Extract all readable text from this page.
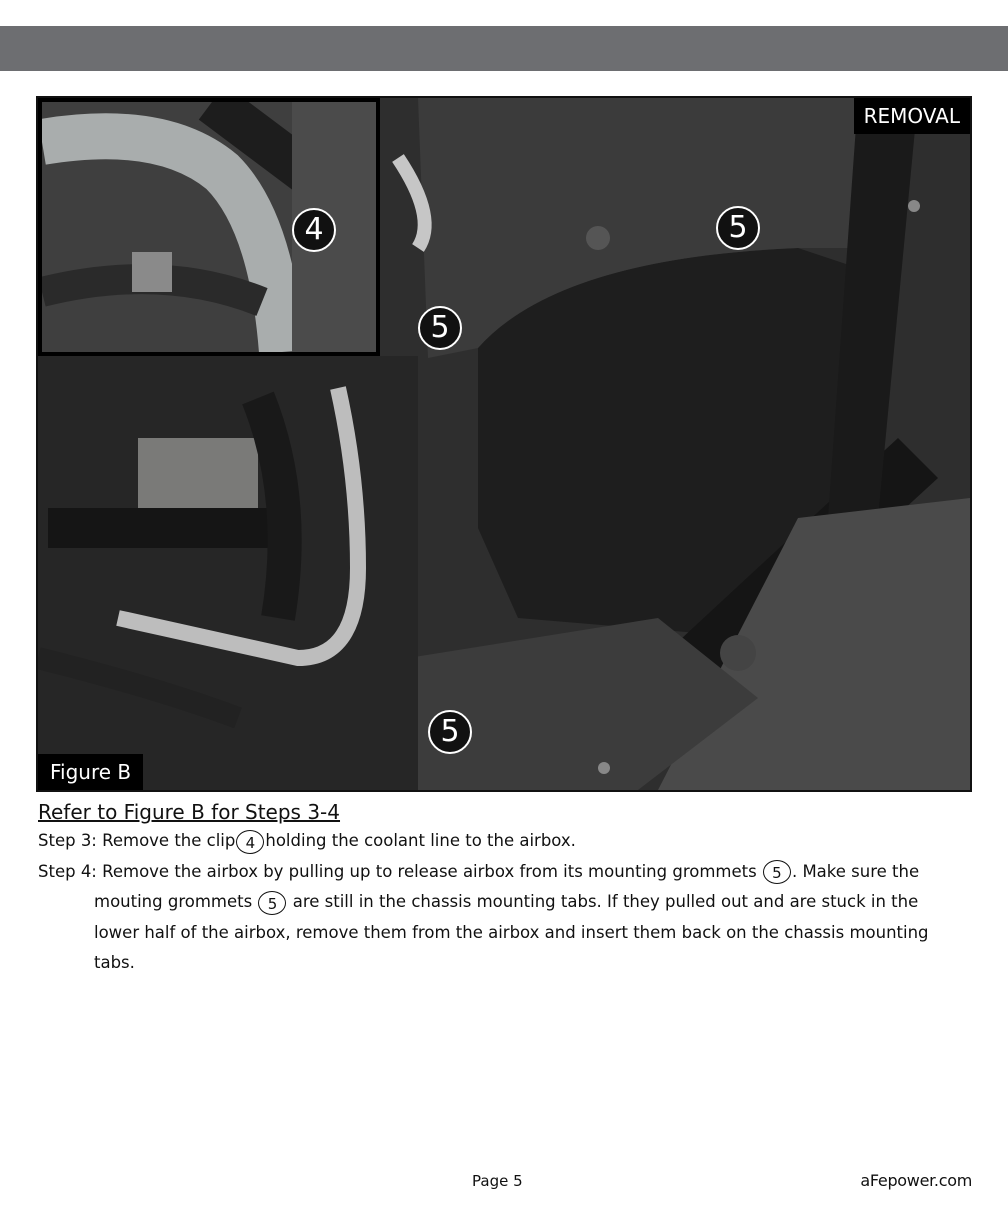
REMOVAL
Figure B
4	5
5
5
Refer to Figure B for Steps 3-4

Step 3: Remove the clip 4 holding the coolant line to the airbox.

Step 4: Remove the airbox by pulling up to release airbox from its mounting grommets 5 . Make sure the mouting grommets 5 are still in the chassis mounting tabs. If they pulled out and are stuck in the lower half of the airbox, remove them from the airbox and insert them back on the chassis mounting tabs.

Page 5	aFepower.com
